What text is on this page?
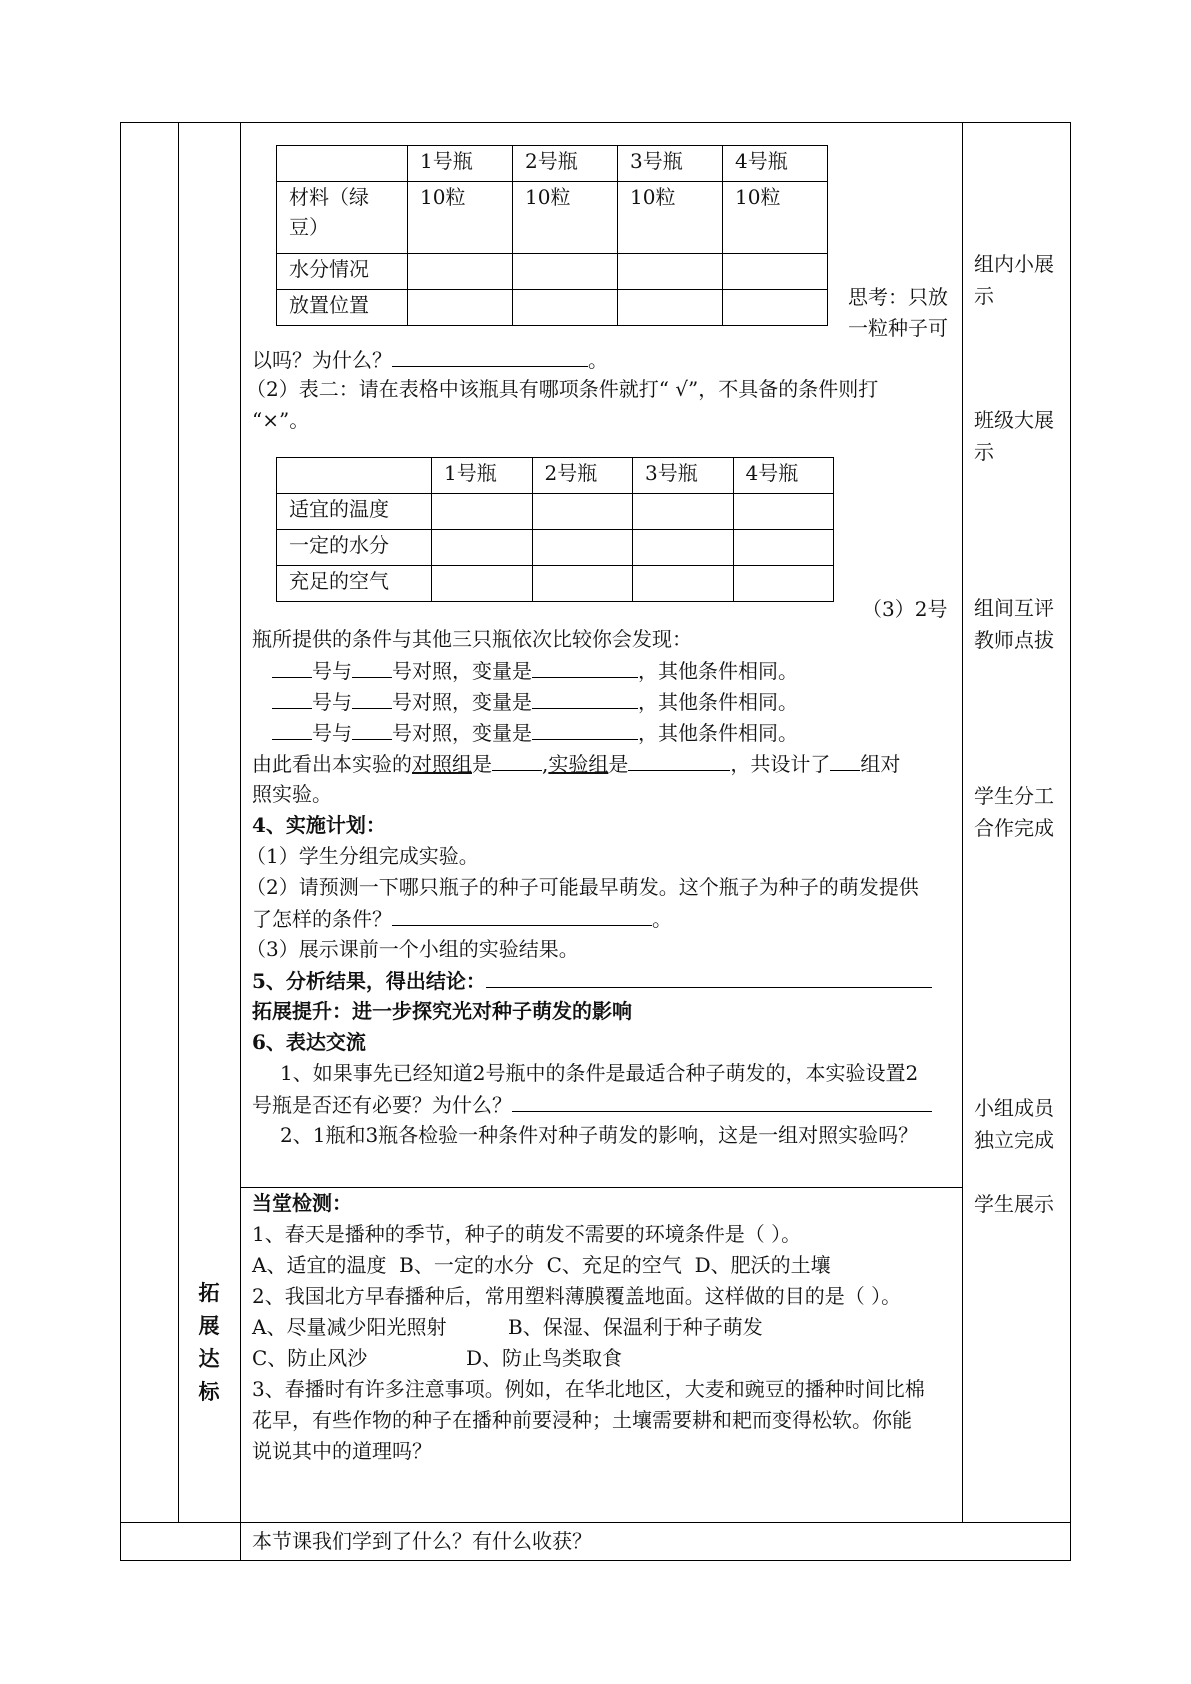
	1号瓶	2号瓶	3号瓶	4号瓶
材料（绿豆）	10粒	10粒	10粒	10粒
水分情况				
放置位置					思考：只放
一粒种子可
以吗？为什么？	。
（2）表二：请在表格中该瓶具有哪项条件就打“ √”，不具备的条件则打
“×”。
	1号瓶	2号瓶	3号瓶	4号瓶
适宜的温度				
一定的水分				
充足的空气				
（3）2号
瓶所提供的条件与其他三只瓶依次比较你会发现：
号与 号对照，变量是	，其他条件相同。
号与 号对照，变量是	，其他条件相同。
号与 号对照，变量是	，其他条件相同。
由此看出本实验的对照组是	,实验组是	，共设计了 组对
照实验。
4、实施计划：
（1）学生分组完成实验。
（2）请预测一下哪只瓶子的种子可能最早萌发。这个瓶子为种子的萌发提供
了怎样的条件？	。
（3）展示课前一个小组的实验结果。
5、分析结果，得出结论：
拓展提升：进一步探究光对种子萌发的影响
6、表达交流
1、如果事先已经知道2号瓶中的条件是最适合种子萌发的，本实验设置2
号瓶是否还有必要？为什么？
2、1瓶和3瓶各检验一种条件对种子萌发的影响，这是一组对照实验吗？
组内小展
示
班级大展
示
组间互评
教师点拔
学生分工
合作完成
小组成员
独立完成
学生展示
拓
展
达
标
当堂检测：
1、春天是播种的季节，种子的萌发不需要的环境条件是（ ）。
A、适宜的温度  B、一定的水分  C、充足的空气  D、肥沃的土壤
2、我国北方早春播种后，常用塑料薄膜覆盖地面。这样做的目的是（ ）。
A、尽量减少阳光照射	B、保湿、保温利于种子萌发
C、防止风沙	D、防止鸟类取食
3、春播时有许多注意事项。例如，在华北地区，大麦和豌豆的播种时间比棉
花早，有些作物的种子在播种前要浸种；土壤需要耕和耙而变得松软。你能
说说其中的道理吗？
本节课我们学到了什么？有什么收获？
